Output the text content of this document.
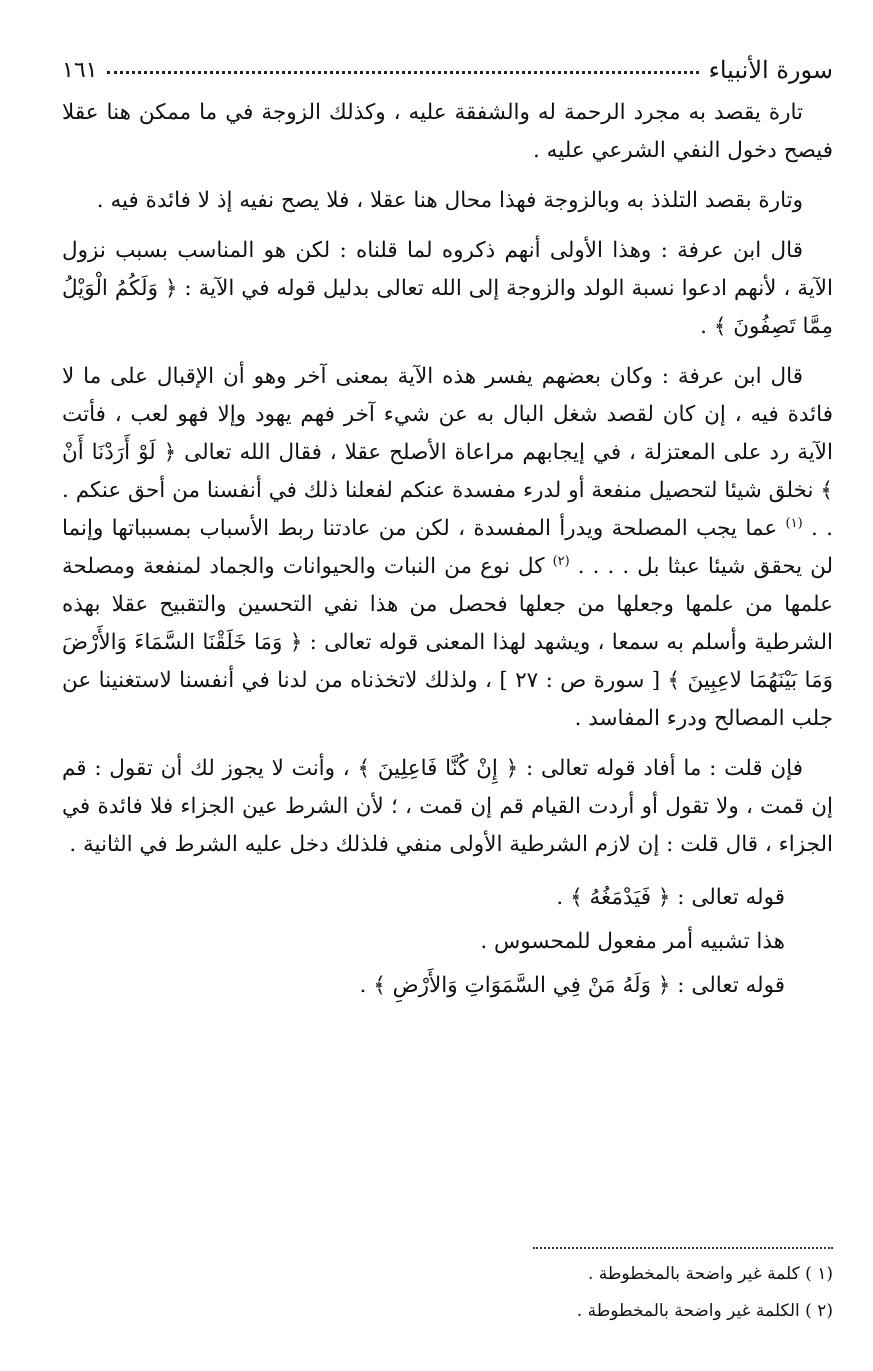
سورة الأنبياء
١٦١

تارة يقصد به مجرد الرحمة له والشفقة عليه ، وكذلك الزوجة في ما ممكن هنا عقلا فيصح دخول النفي الشرعي عليه .

وتارة بقصد التلذذ به وبالزوجة فهذا محال هنا عقلا ، فلا يصح نفيه إذ لا فائدة فيه .

قال ابن عرفة : وهذا الأولى أنهم ذكروه لما قلناه : لكن هو المناسب بسبب نزول الآية ، لأنهم ادعوا نسبة الولد والزوجة إلى الله تعالى بدليل قوله في الآية : ﴿ وَلَكُمُ الْوَيْلُ مِمَّا تَصِفُونَ ﴾ .

قال ابن عرفة : وكان بعضهم يفسر هذه الآية بمعنى آخر وهو أن الإقبال على ما لا فائدة فيه ، إن كان لقصد شغل البال به عن شيء آخر فهم يهود وإلا فهو لعب ، فأتت الآية رد على المعتزلة ، في إيجابهم مراعاة الأصلح عقلا ، فقال الله تعالى ﴿ لَوْ أَرَدْنَا أَنْ ﴾ نخلق شيئا لتحصيل منفعة أو لدرء مفسدة عنكم لفعلنا ذلك في أنفسنا من أحق عنكم . . . $^{(١)}$ عما يجب المصلحة ويدرأ المفسدة ، لكن من عادتنا ربط الأسباب بمسبباتها وإنما لن يحقق شيئا عبثا بل . . . . $^{(٢)}$ كل نوع من النبات والحيوانات والجماد لمنفعة ومصلحة علمها من علمها وجعلها من جعلها فحصل من هذا نفي التحسين والتقبيح عقلا بهذه الشرطية وأسلم به سمعا ، ويشهد لهذا المعنى قوله تعالى : ﴿ وَمَا خَلَقْنَا السَّمَاءَ وَالأَرْضَ وَمَا بَيْنَهُمَا لاعِبِينَ ﴾ [ سورة ص : ٢٧ ] ، ولذلك لاتخذناه من لدنا في أنفسنا لاستغنينا عن جلب المصالح ودرء المفاسد .

فإن قلت : ما أفاد قوله تعالى : ﴿ إِنْ كُنَّا فَاعِلِينَ ﴾ ، وأنت لا يجوز لك أن تقول : قم إن قمت ، ولا تقول أو أردت القيام قم إن قمت ، ؛ لأن الشرط عين الجزاء فلا فائدة في الجزاء ، قال قلت : إن لازم الشرطية الأولى منفي فلذلك دخل عليه الشرط في الثانية .

قوله تعالى : ﴿ فَيَدْمَغُهُ ﴾ .

هذا تشبيه أمر مفعول للمحسوس .

قوله تعالى : ﴿ وَلَهُ مَنْ فِي السَّمَوَاتِ وَالأَرْضِ ﴾ .

(١ ) كلمة غير واضحة بالمخطوطة .
(٢ ) الكلمة غير واضحة بالمخطوطة .
